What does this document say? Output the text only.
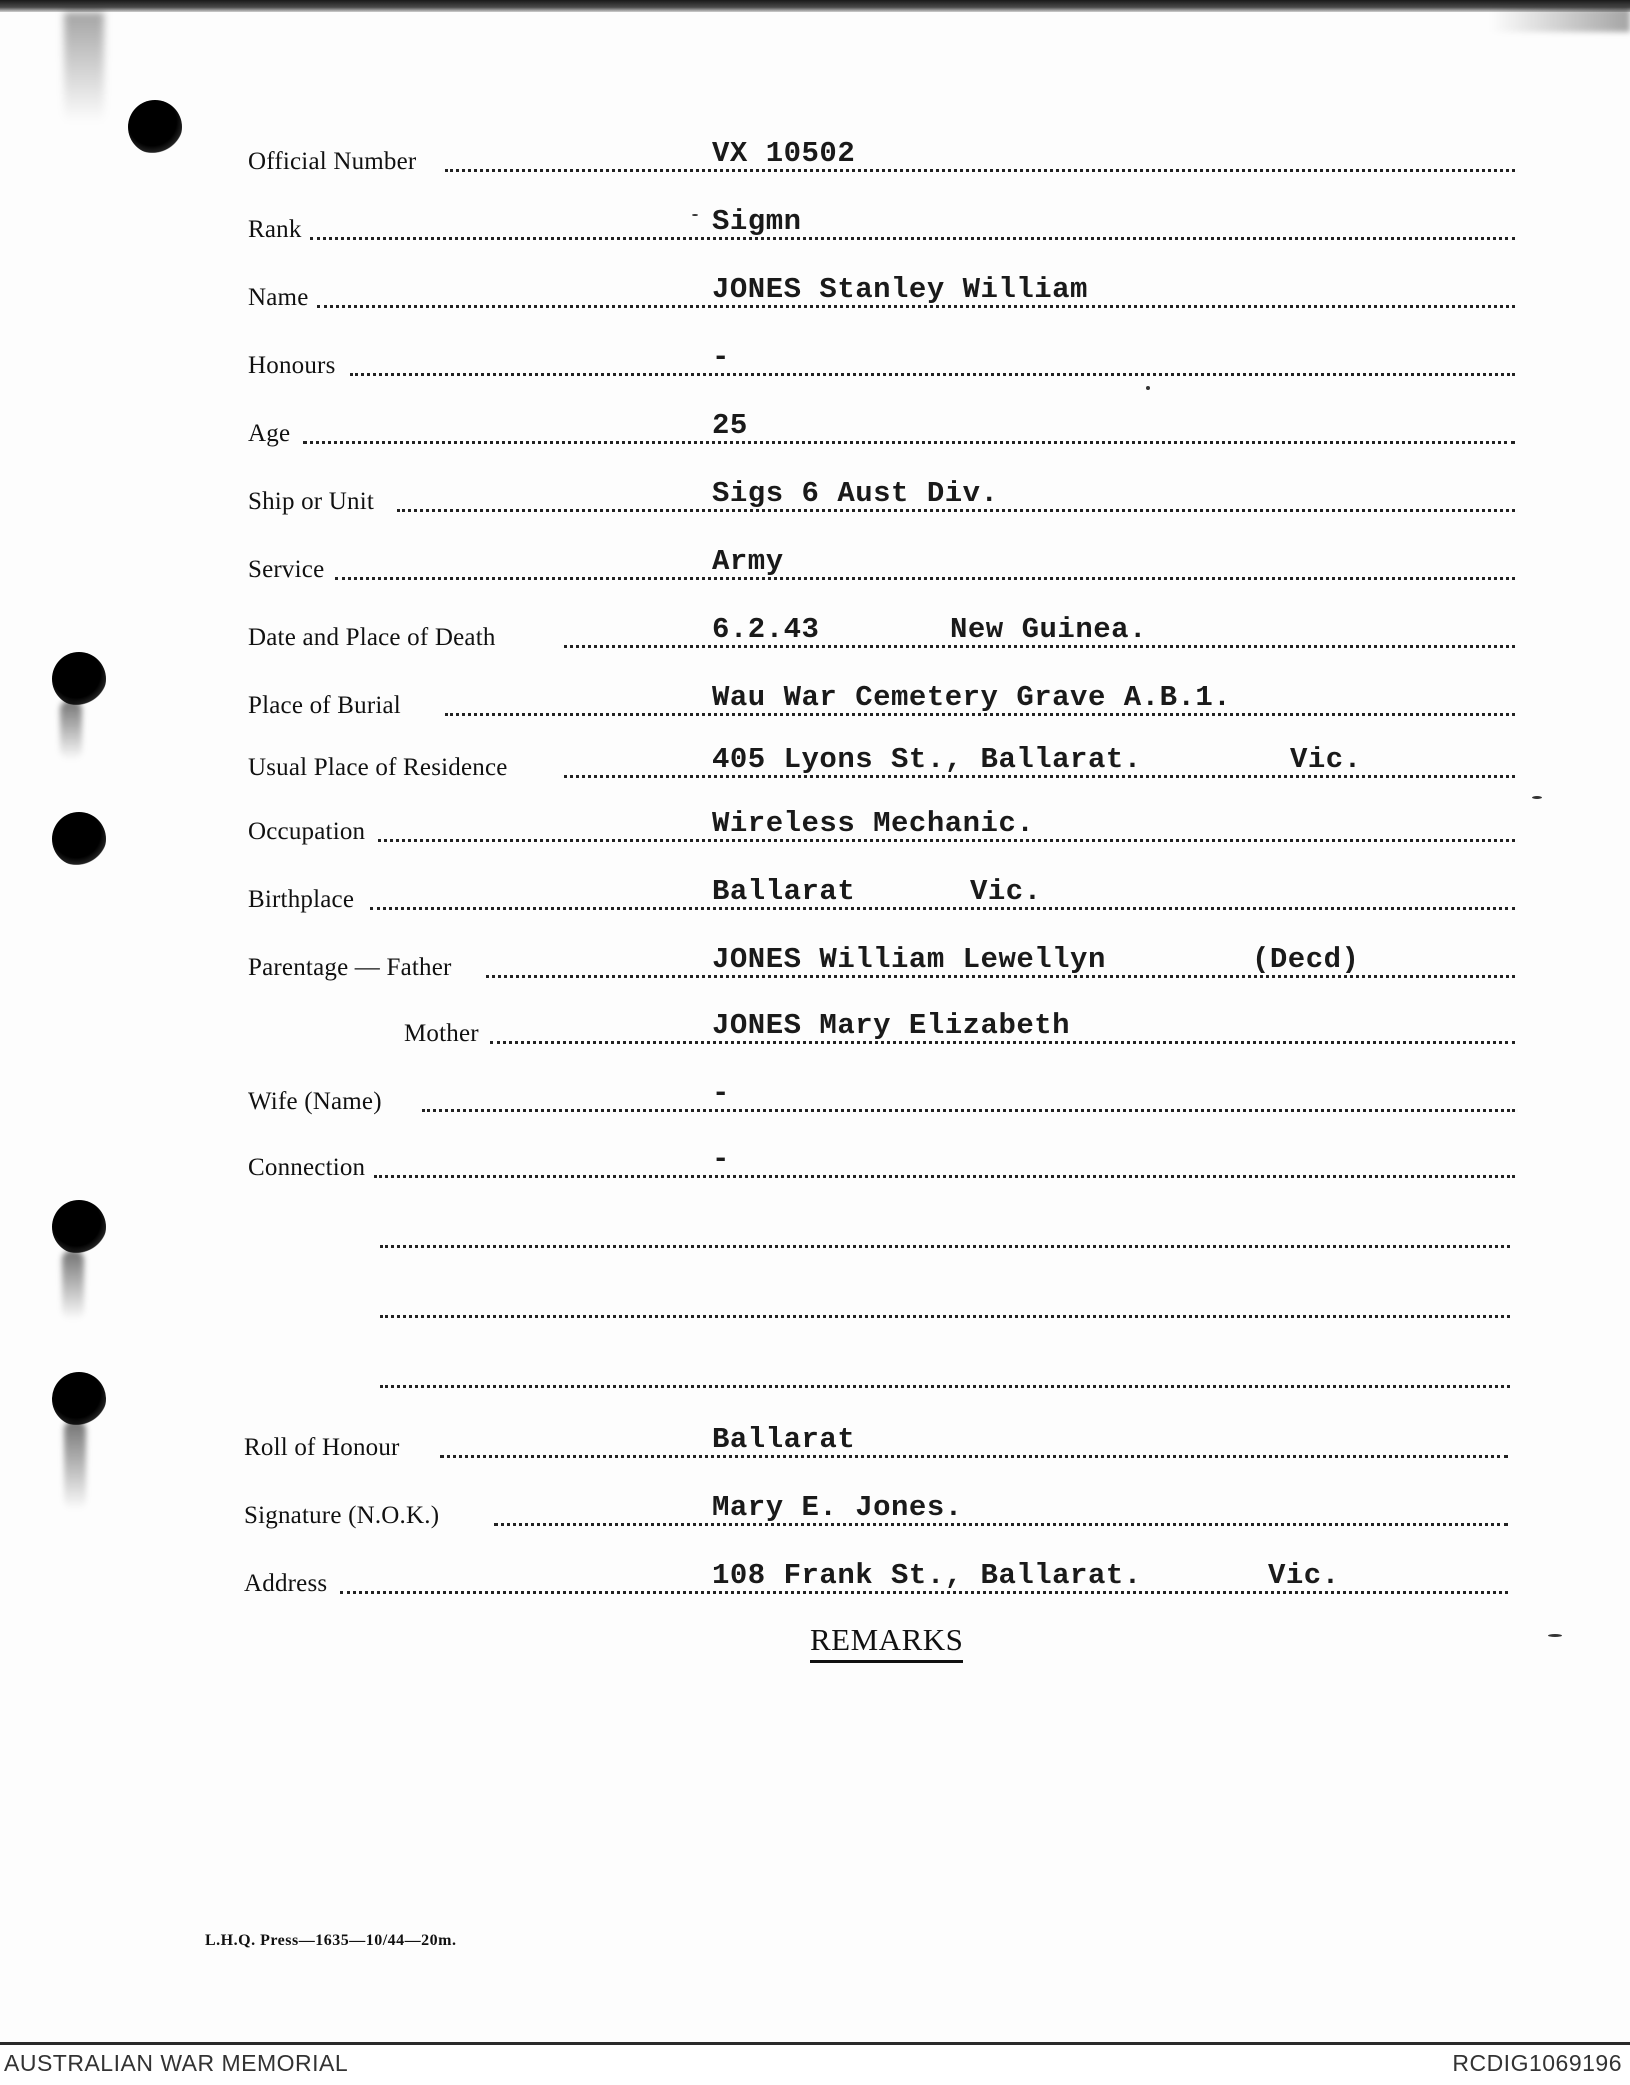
Official Number	VX 10502
Rank	Sigmn
Name	JONES Stanley William
Honours	-
Age	25
Ship or Unit	Sigs 6 Aust Div.
Service	Army
Date and Place of Death	6.2.43	New Guinea.
Place of Burial	Wau War Cemetery Grave A.B.1.
Usual Place of Residence	405 Lyons St., Ballarat.	Vic.
Occupation	Wireless Mechanic.
Birthplace	Ballarat	Vic.
Parentage — Father	JONES William Lewellyn	(Decd)
Mother	JONES Mary Elizabeth
Wife (Name)	-
Connection	-
Roll of Honour	Ballarat
Signature (N.O.K.)	Mary E. Jones.
Address	108 Frank St., Ballarat.	Vic.
REMARKS
L.H.Q. Press—1635—10/44—20m.
AUSTRALIAN WAR MEMORIAL	RCDIG1069196
